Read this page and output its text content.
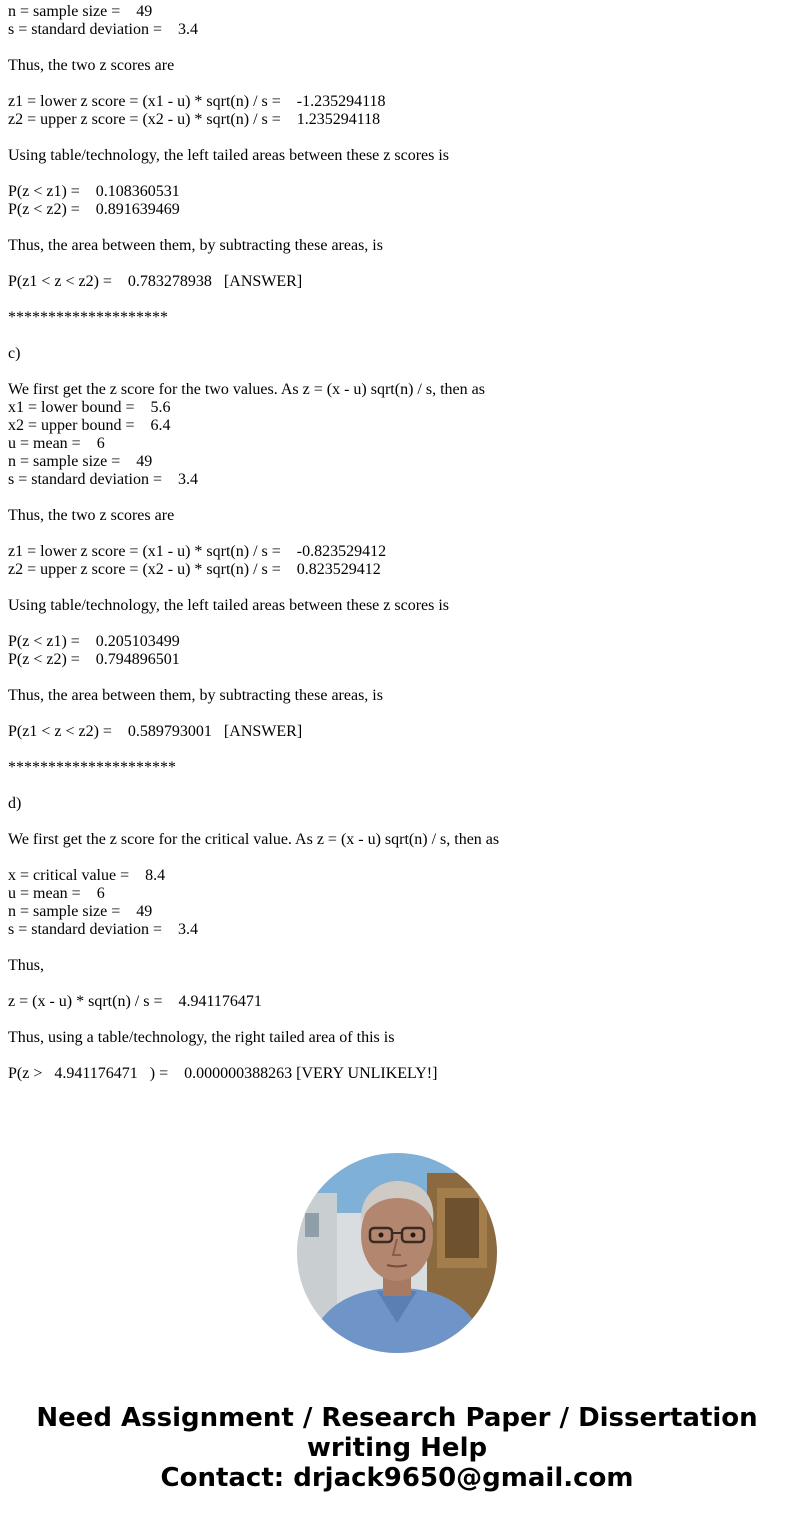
n = sample size =    49
s = standard deviation =    3.4
Thus, the two z scores are
z1 = lower z score = (x1 - u) * sqrt(n) / s =    -1.235294118
z2 = upper z score = (x2 - u) * sqrt(n) / s =    1.235294118
Using table/technology, the left tailed areas between these z scores is
P(z < z1) =    0.108360531
P(z < z2) =    0.891639469
Thus, the area between them, by subtracting these areas, is
P(z1 < z < z2) =    0.783278938   [ANSWER]
********************
c)
We first get the z score for the two values. As z = (x - u) sqrt(n) / s, then as
x1 = lower bound =    5.6
x2 = upper bound =    6.4
u = mean =    6
n = sample size =    49
s = standard deviation =    3.4
Thus, the two z scores are
z1 = lower z score = (x1 - u) * sqrt(n) / s =    -0.823529412
z2 = upper z score = (x2 - u) * sqrt(n) / s =    0.823529412
Using table/technology, the left tailed areas between these z scores is
P(z < z1) =    0.205103499
P(z < z2) =    0.794896501
Thus, the area between them, by subtracting these areas, is
P(z1 < z < z2) =    0.589793001   [ANSWER]
*********************
d)
We first get the z score for the critical value. As z = (x - u) sqrt(n) / s, then as
x = critical value =    8.4
u = mean =    6
n = sample size =    49
s = standard deviation =    3.4
Thus,
z = (x - u) * sqrt(n) / s =    4.941176471
Thus, using a table/technology, the right tailed area of this is
P(z >   4.941176471   ) =    0.000000388263 [VERY UNLIKELY!]
Need Assignment / Research Paper / Dissertation
writing Help
Contact: drjack9650@gmail.com
